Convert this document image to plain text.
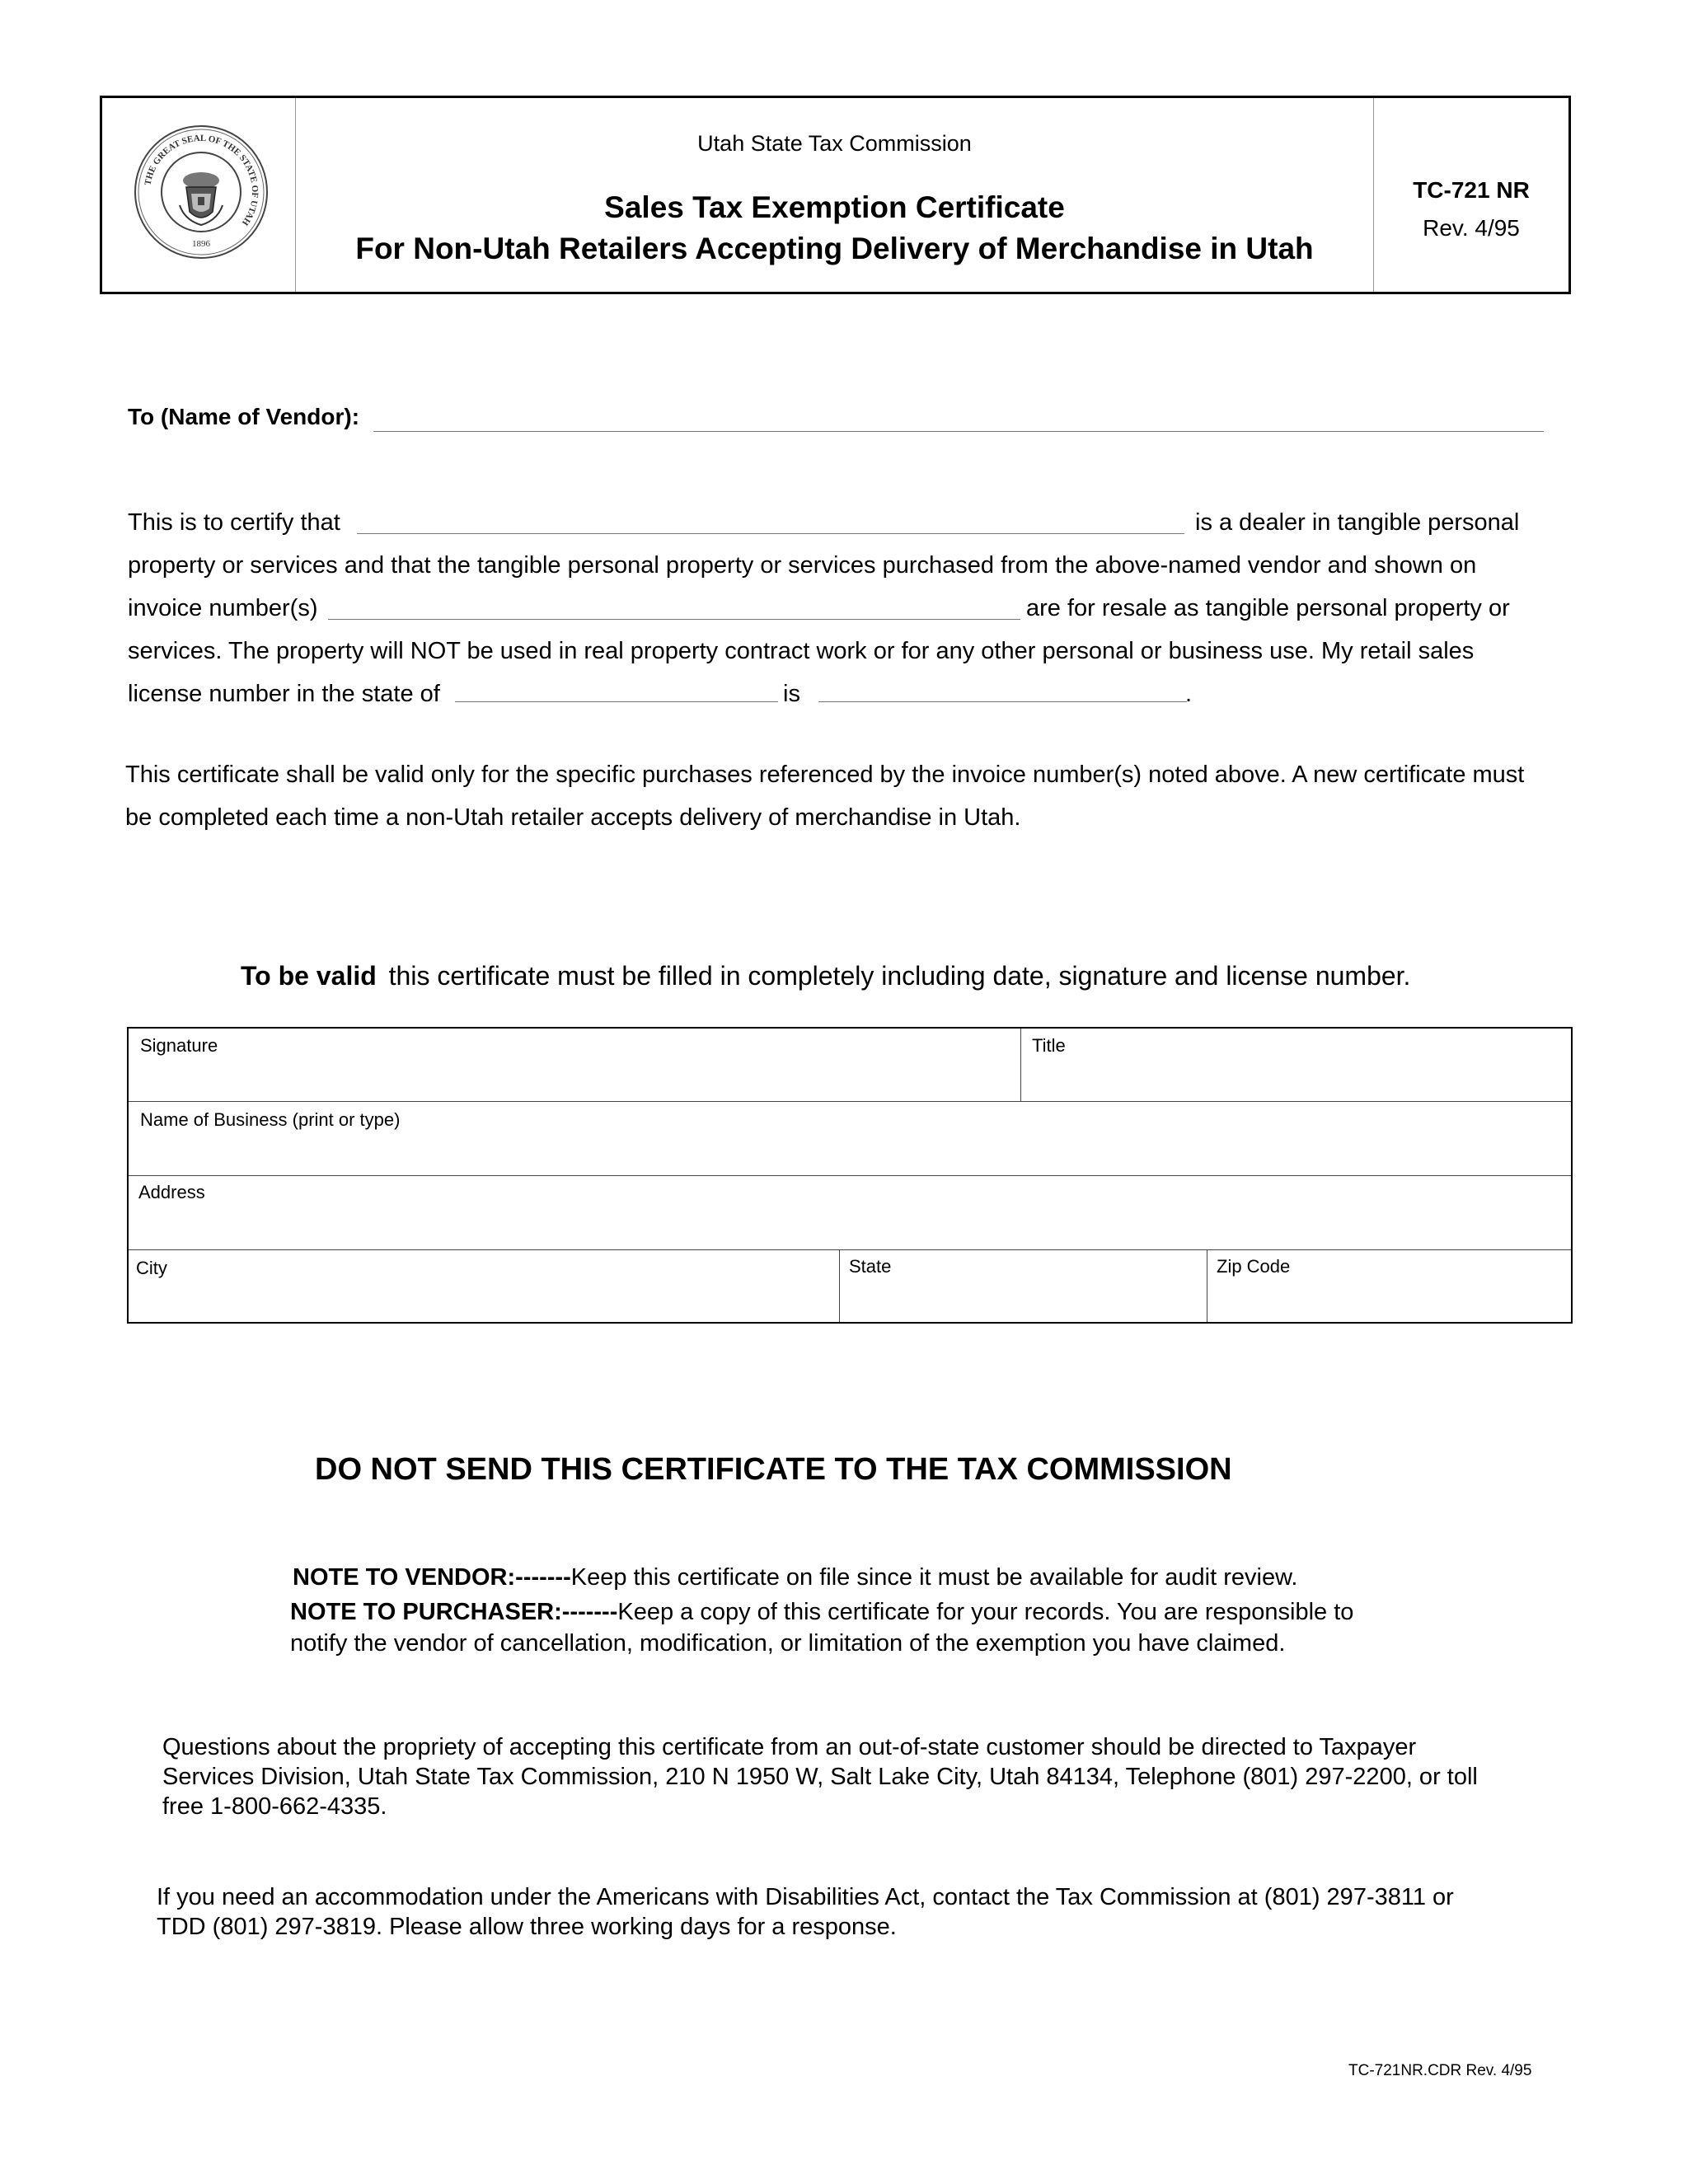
THE GREAT SEAL OF THE STATE OF UTAH
1896
Utah State Tax Commission
Sales Tax Exemption Certificate
For Non-Utah Retailers Accepting Delivery of Merchandise in Utah
TC-721 NR
Rev. 4/95
To (Name of Vendor):
This is to certify that	is a dealer in tangible personal
property or services and that the tangible personal property or services purchased from the above-named vendor and shown on
invoice number(s)	are for resale as tangible personal property or
services. The property will NOT be used in real property contract work or for any other personal or business use. My retail sales
license number in the state of	is	.
This certificate shall be valid only for the specific purchases referenced by the invoice number(s) noted above. A new certificate must
be completed each time a non-Utah retailer accepts delivery of merchandise in Utah.
To be valid this certificate must be filled in completely including date, signature and license number.
Signature	Title
Name of Business (print or type)
Address
City	State	Zip Code
DO NOT SEND THIS CERTIFICATE TO THE TAX COMMISSION
NOTE TO VENDOR:-------Keep this certificate on file since it must be available for audit review.
NOTE TO PURCHASER:-------Keep a copy of this certificate for your records. You are responsible to
notify the vendor of cancellation, modification, or limitation of the exemption you have claimed.
Questions about the propriety of accepting this certificate from an out-of-state customer should be directed to Taxpayer
Services Division, Utah State Tax Commission, 210 N 1950 W, Salt Lake City, Utah 84134, Telephone (801) 297-2200, or toll
free 1-800-662-4335.
If you need an accommodation under the Americans with Disabilities Act, contact the Tax Commission at (801) 297-3811 or
TDD (801) 297-3819. Please allow three working days for a response.
TC-721NR.CDR Rev. 4/95
